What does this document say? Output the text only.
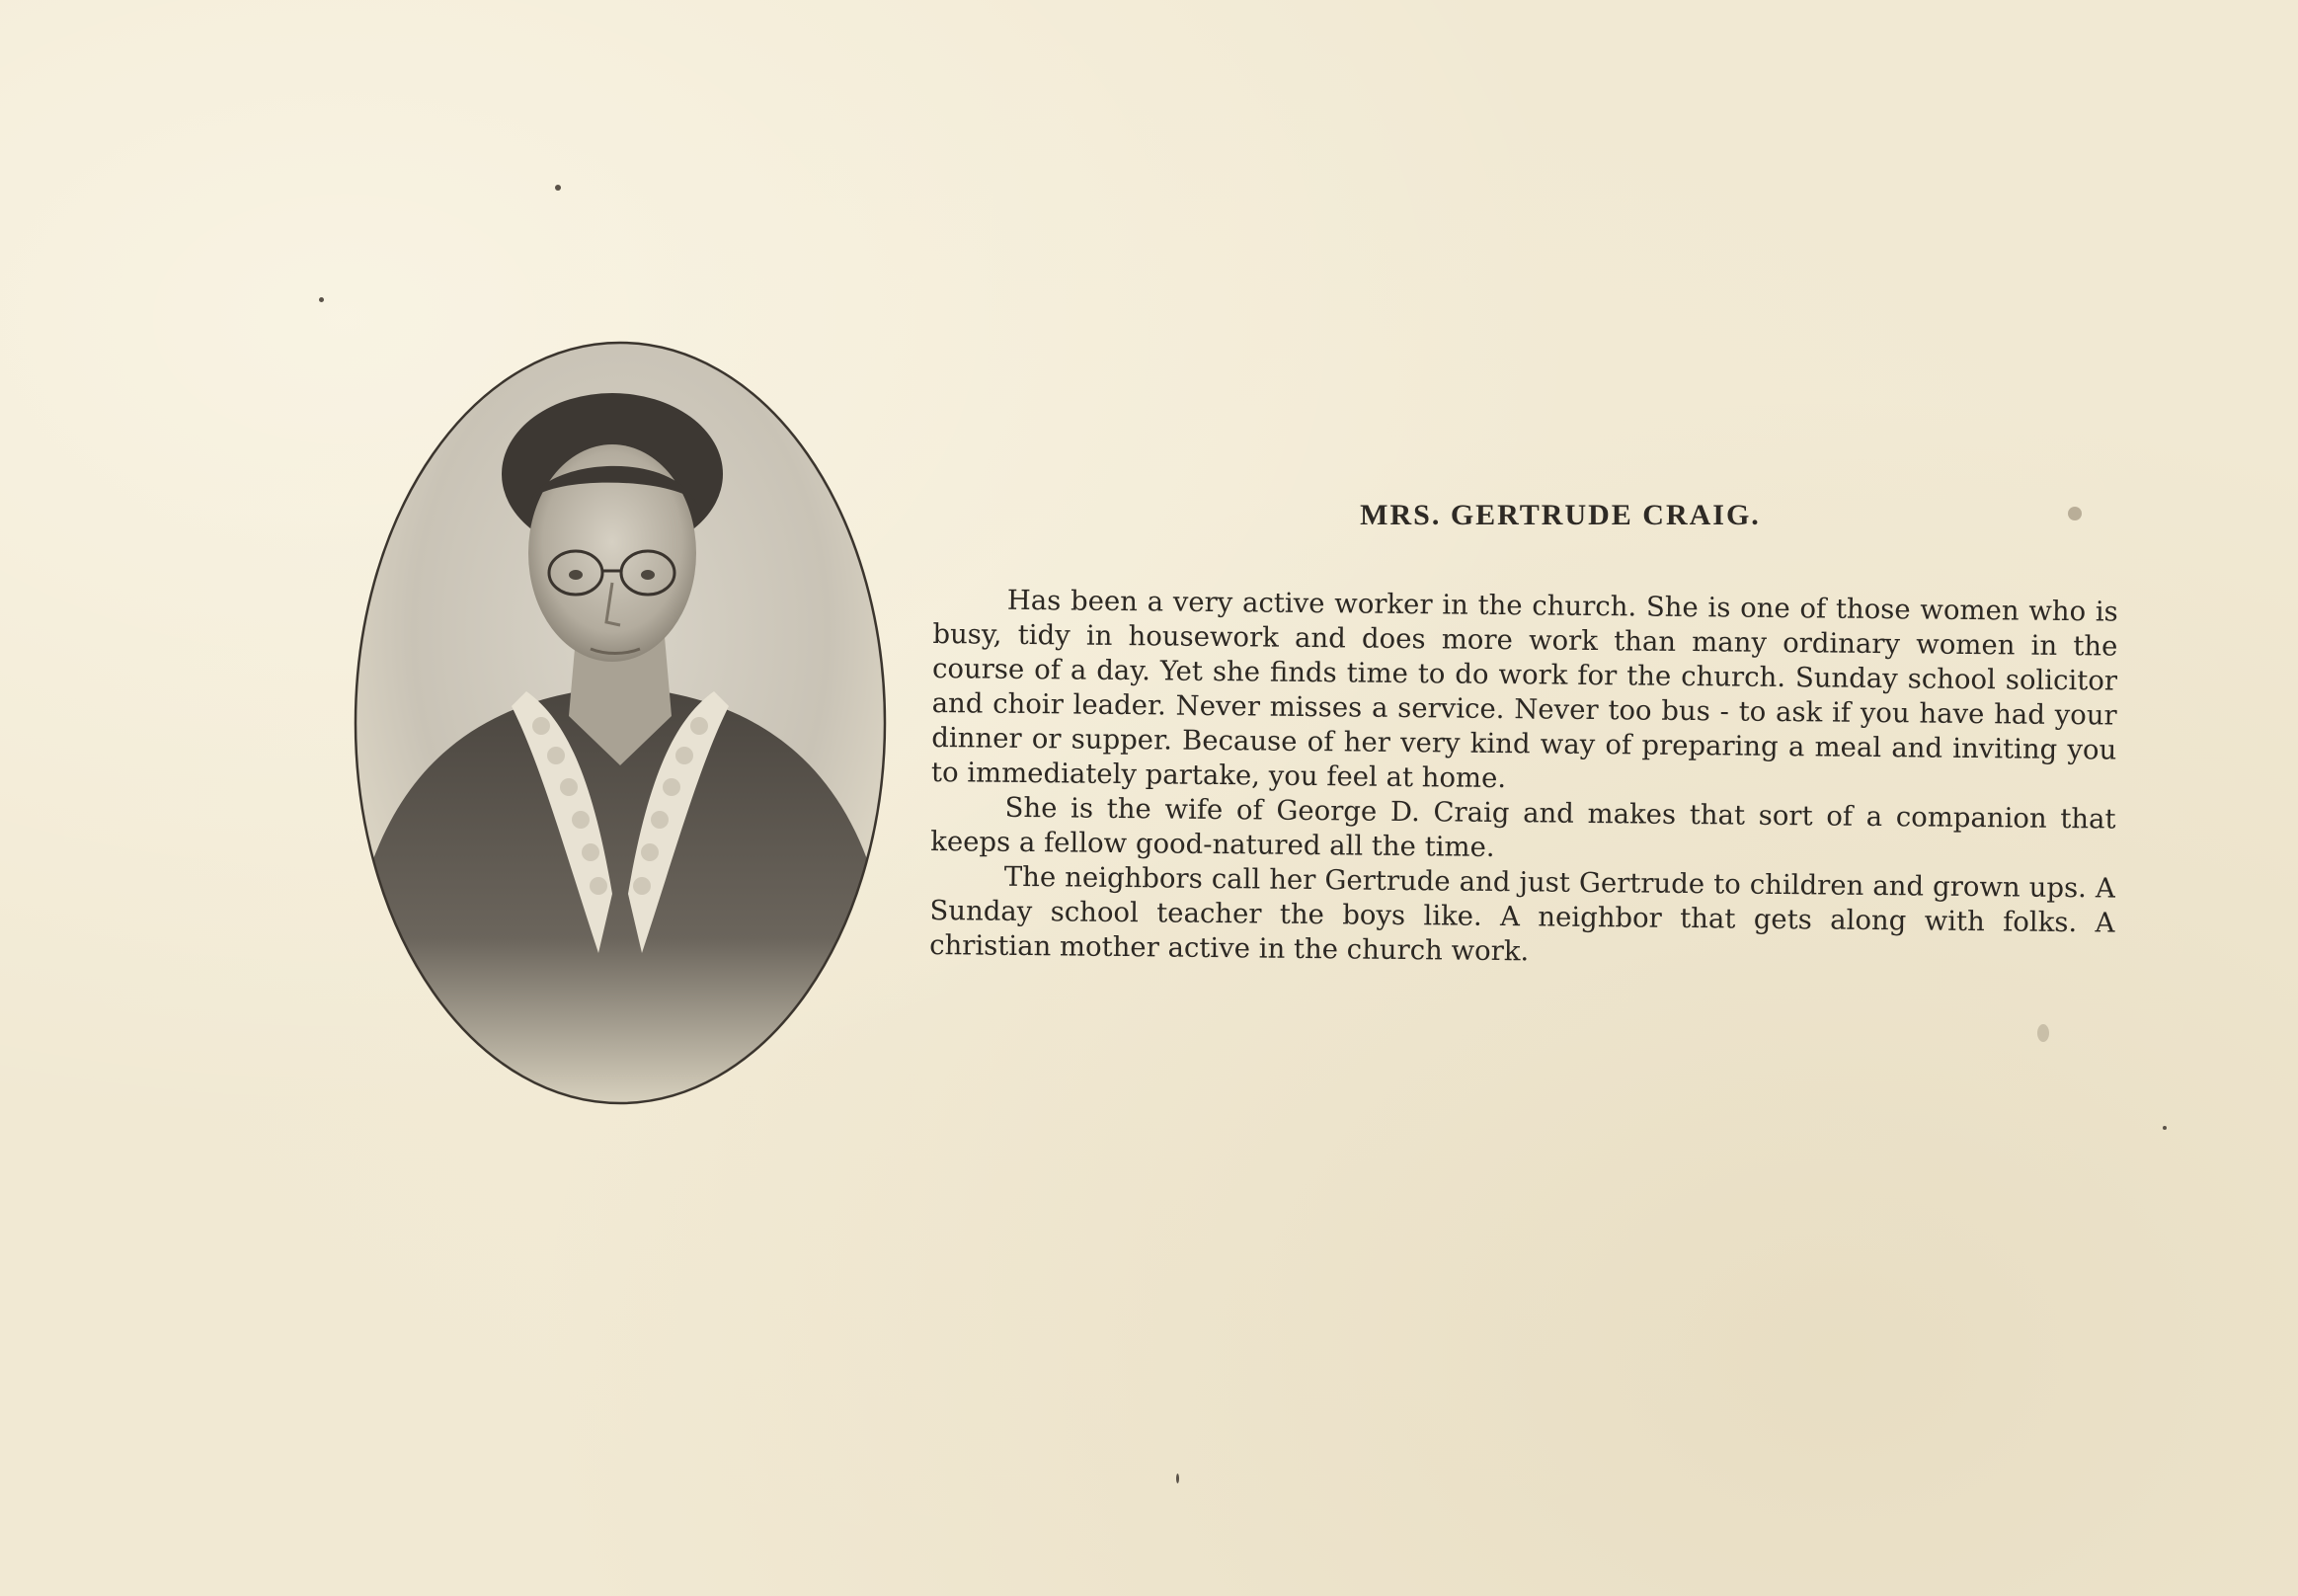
MRS. GERTRUDE CRAIG.

Has been a very active worker in the church. She is one of those women who is busy, tidy in housework and does more work than many ordinary women in the course of a day. Yet she finds time to do work for the church. Sunday school solicitor and choir leader. Never misses a service. Never too bus - to ask if you have had your dinner or supper. Because of her very kind way of preparing a meal and inviting you to immediately partake, you feel at home.

She is the wife of George D. Craig and makes that sort of a companion that keeps a fellow good-natured all the time.

The neighbors call her Gertrude and just Gertrude to children and grown ups. A Sunday school teacher the boys like. A neighbor that gets along with folks. A christian mother active in the church work.
